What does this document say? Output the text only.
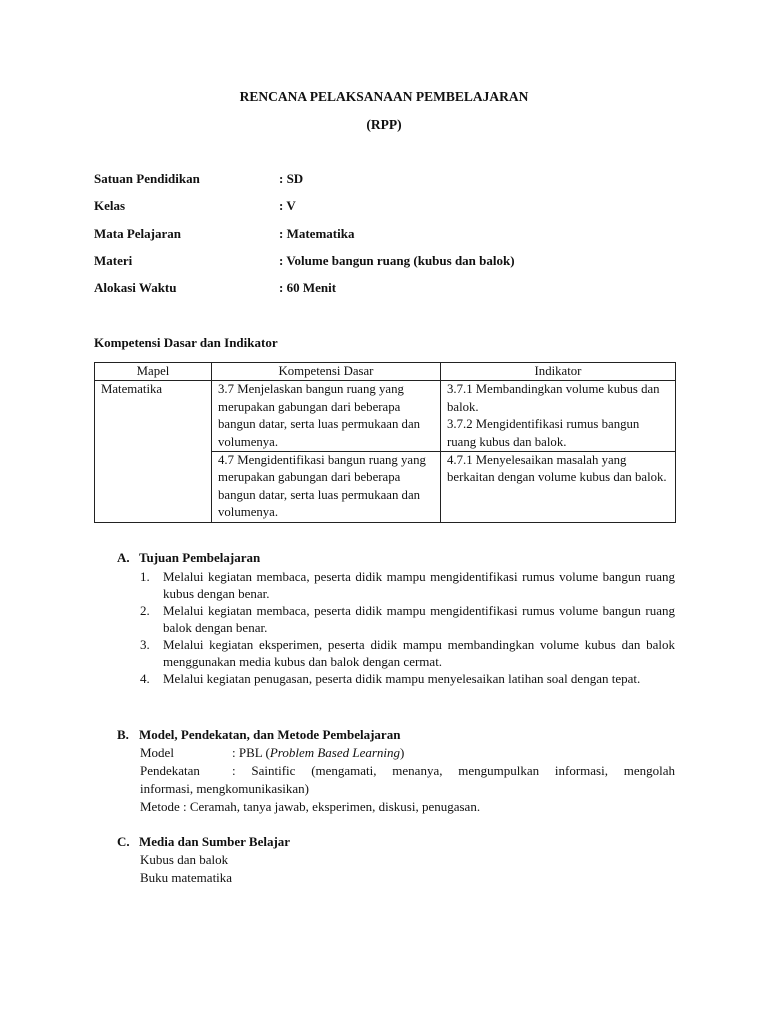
RENCANA PELAKSANAAN PEMBELAJARAN
(RPP)
Satuan Pendidikan	: SD
Kelas	: V
Mata Pelajaran	: Matematika
Materi	: Volume bangun ruang (kubus dan balok)
Alokasi Waktu	: 60 Menit
Kompetensi Dasar dan Indikator
Mapel	Kompetensi Dasar	Indikator
Matematika	3.7 Menjelaskan bangun ruang yang merupakan gabungan dari beberapa bangun datar, serta luas permukaan dan volumenya.	3.7.1 Membandingkan volume kubus dan balok.
3.7.2 Mengidentifikasi rumus bangun ruang kubus dan balok.

	4.7 Mengidentifikasi bangun ruang yang merupakan gabungan dari beberapa bangun datar, serta luas permukaan dan volumenya.	4.7.1 Menyelesaikan masalah yang berkaitan dengan volume kubus dan balok.
A. Tujuan Pembelajaran
1. Melalui kegiatan membaca, peserta didik mampu mengidentifikasi rumus volume bangun ruang kubus dengan benar.
2. Melalui kegiatan membaca, peserta didik mampu mengidentifikasi rumus volume bangun ruang balok dengan benar.
3. Melalui kegiatan eksperimen, peserta didik mampu membandingkan volume kubus dan balok menggunakan media kubus dan balok dengan cermat.
4. Melalui kegiatan penugasan, peserta didik mampu menyelesaikan latihan soal dengan tepat.
B. Model, Pendekatan, dan Metode Pembelajaran
Model	: PBL (Problem Based Learning)
Pendekatan : Saintific (mengamati, menanya, mengumpulkan informasi, mengolah
informasi, mengkomunikasikan)
Metode : Ceramah, tanya jawab, eksperimen, diskusi, penugasan.
C. Media dan Sumber Belajar
Kubus dan balok
Buku matematika
